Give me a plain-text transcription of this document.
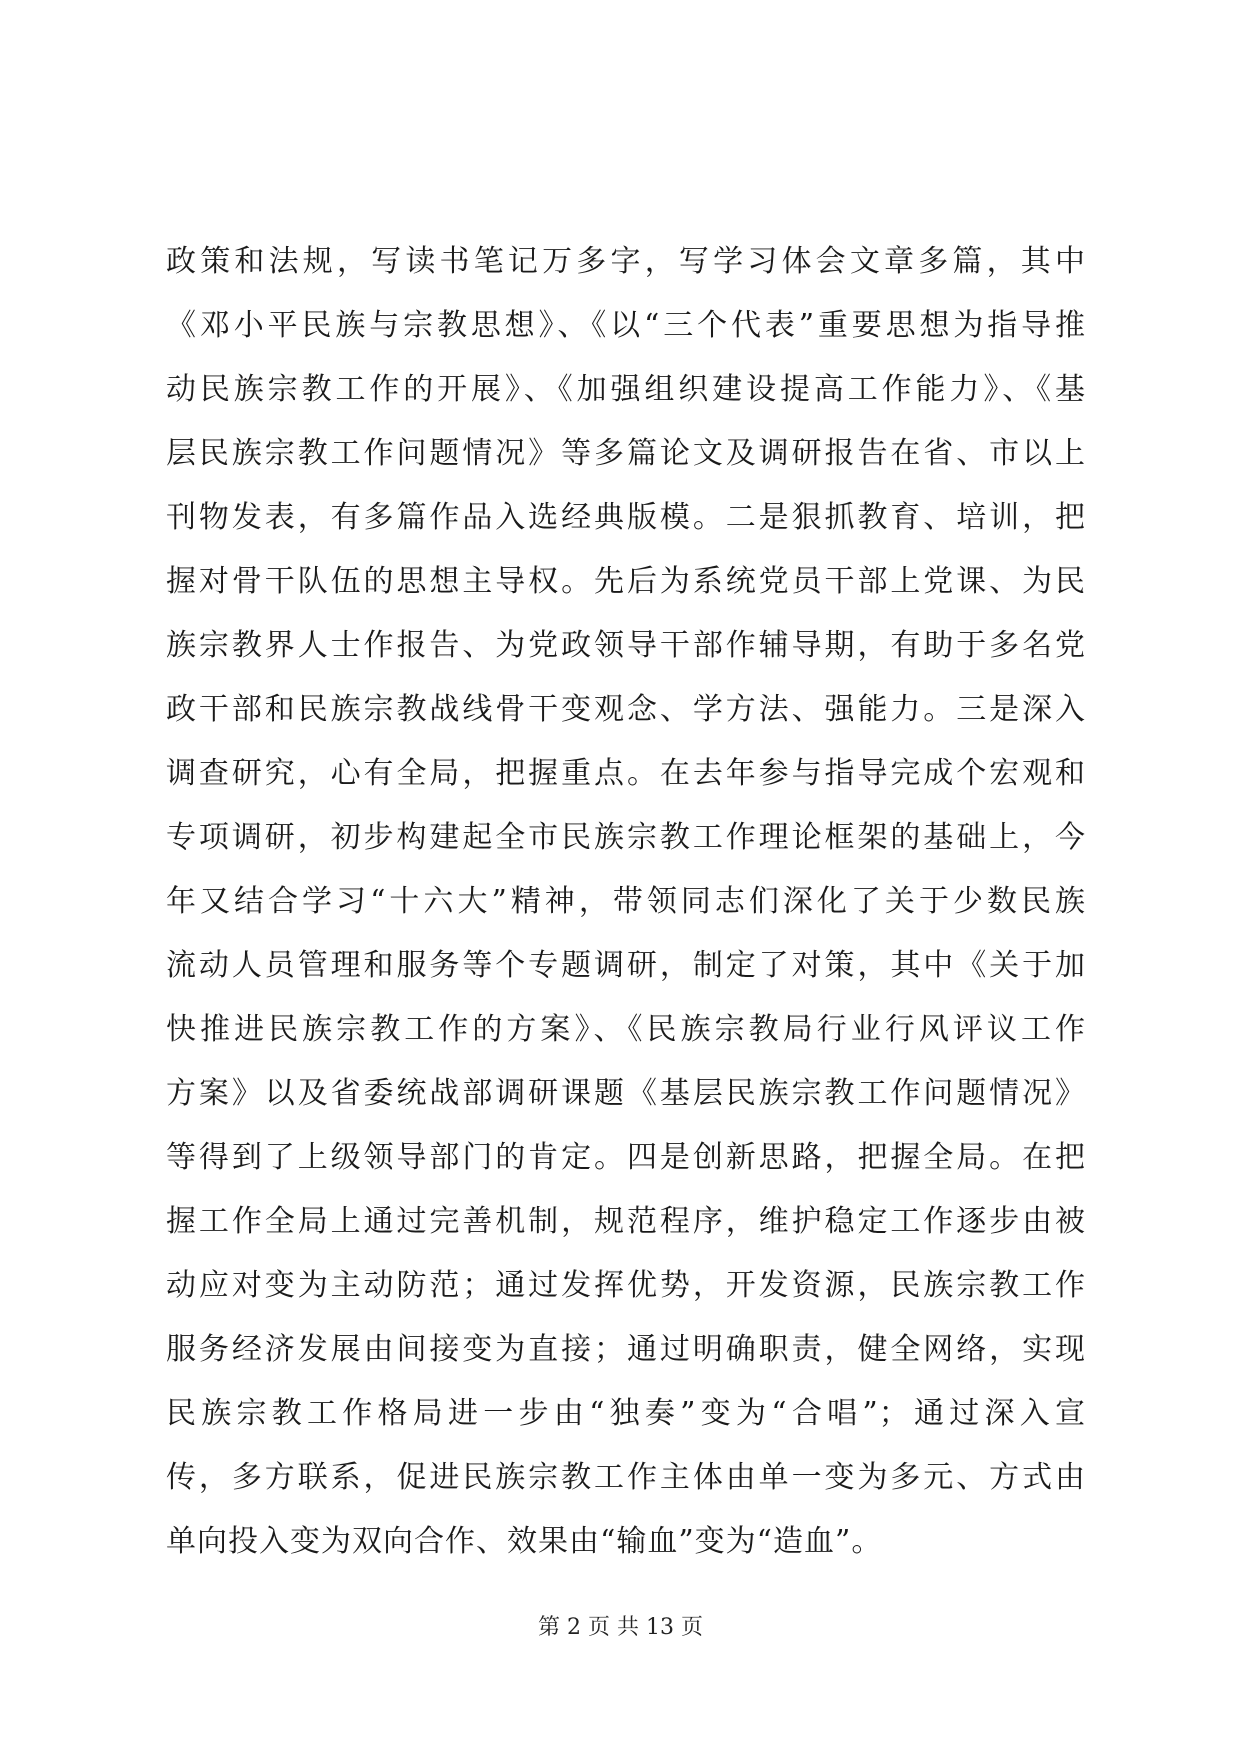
政策和法规，写读书笔记万多字，写学习体会文章多篇，其中
《邓小平民族与宗教思想》、《以“三个代表”重要思想为指导推
动民族宗教工作的开展》、《加强组织建设提高工作能力》、《基
层民族宗教工作问题情况》等多篇论文及调研报告在省、市以上
刊物发表，有多篇作品入选经典版模。二是狠抓教育、培训，把
握对骨干队伍的思想主导权。先后为系统党员干部上党课、为民
族宗教界人士作报告、为党政领导干部作辅导期，有助于多名党
政干部和民族宗教战线骨干变观念、学方法、强能力。三是深入
调查研究，心有全局，把握重点。在去年参与指导完成个宏观和
专项调研，初步构建起全市民族宗教工作理论框架的基础上，今
年又结合学习“十六大”精神，带领同志们深化了关于少数民族
流动人员管理和服务等个专题调研，制定了对策，其中《关于加
快推进民族宗教工作的方案》、《民族宗教局行业行风评议工作
方案》以及省委统战部调研课题《基层民族宗教工作问题情况》
等得到了上级领导部门的肯定。四是创新思路，把握全局。在把
握工作全局上通过完善机制，规范程序，维护稳定工作逐步由被
动应对变为主动防范；通过发挥优势，开发资源，民族宗教工作
服务经济发展由间接变为直接；通过明确职责，健全网络，实现
民族宗教工作格局进一步由“独奏”变为“合唱”；通过深入宣
传，多方联系，促进民族宗教工作主体由单一变为多元、方式由
单向投入变为双向合作、效果由“输血”变为“造血”。
第 2 页 共 13 页
